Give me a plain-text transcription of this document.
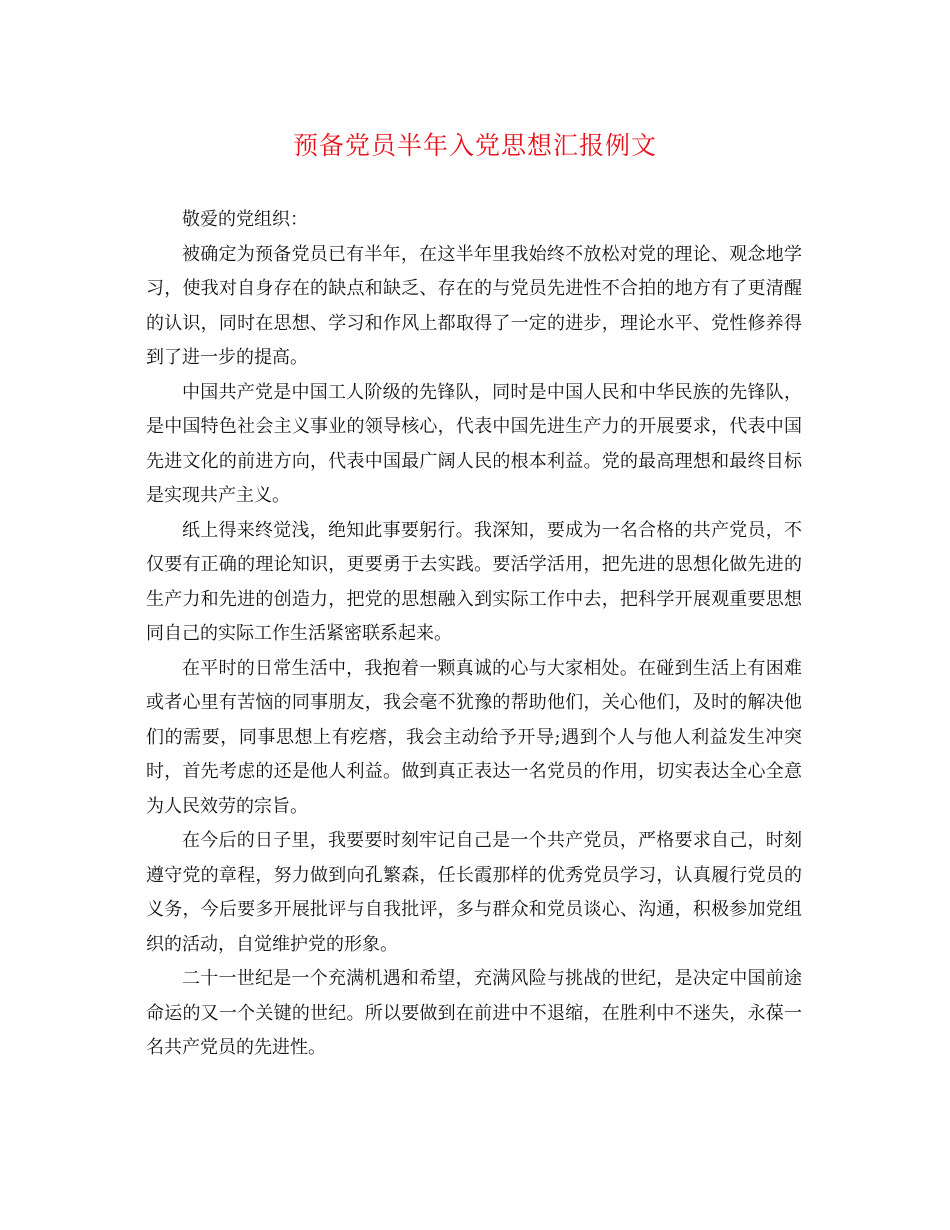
预备党员半年入党思想汇报例文

敬爱的党组织：

被确定为预备党员已有半年，在这半年里我始终不放松对党的理论、观念地学习，使我对自身存在的缺点和缺乏、存在的与党员先进性不合拍的地方有了更清醒的认识，同时在思想、学习和作风上都取得了一定的进步，理论水平、党性修养得到了进一步的提高。

中国共产党是中国工人阶级的先锋队，同时是中国人民和中华民族的先锋队，是中国特色社会主义事业的领导核心，代表中国先进生产力的开展要求，代表中国先进文化的前进方向，代表中国最广阔人民的根本利益。党的最高理想和最终目标是实现共产主义。

纸上得来终觉浅，绝知此事要躬行。我深知，要成为一名合格的共产党员，不仅要有正确的理论知识，更要勇于去实践。要活学活用，把先进的思想化做先进的生产力和先进的创造力，把党的思想融入到实际工作中去，把科学开展观重要思想同自己的实际工作生活紧密联系起来。

在平时的日常生活中，我抱着一颗真诚的心与大家相处。在碰到生活上有困难或者心里有苦恼的同事朋友，我会毫不犹豫的帮助他们，关心他们，及时的解决他们的需要，同事思想上有疙瘩，我会主动给予开导;遇到个人与他人利益发生冲突时，首先考虑的还是他人利益。做到真正表达一名党员的作用，切实表达全心全意为人民效劳的宗旨。

在今后的日子里，我要要时刻牢记自己是一个共产党员，严格要求自己，时刻遵守党的章程，努力做到向孔繁森，任长霞那样的优秀党员学习，认真履行党员的义务，今后要多开展批评与自我批评，多与群众和党员谈心、沟通，积极参加党组织的活动，自觉维护党的形象。

二十一世纪是一个充满机遇和希望，充满风险与挑战的世纪，是决定中国前途命运的又一个关键的世纪。所以要做到在前进中不退缩，在胜利中不迷失，永葆一名共产党员的先进性。
